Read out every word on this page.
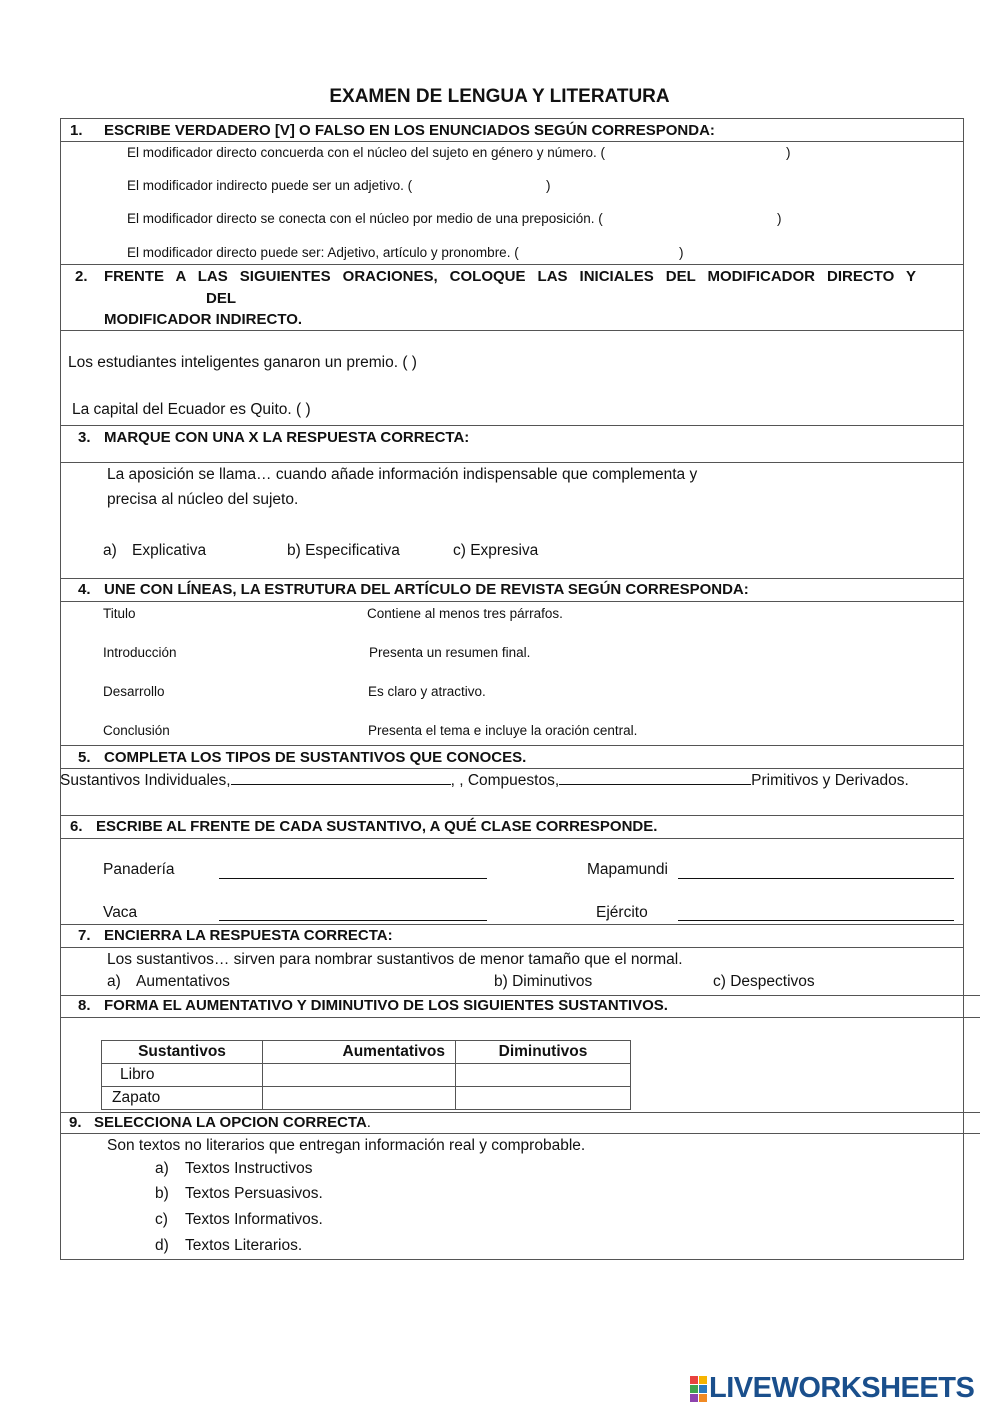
EXAMEN DE LENGUA Y LITERATURA
1. ESCRIBE VERDADERO [V] O FALSO EN LOS ENUNCIADOS SEGÚN CORRESPONDA:
El modificador directo concuerda con el núcleo del sujeto en género y número. (	)
El modificador indirecto puede ser un adjetivo. (	)
El modificador directo se conecta con el núcleo por medio de una preposición. (	)
El modificador directo puede ser: Adjetivo, artículo y pronombre. (	)
2. FRENTE A LAS SIGUIENTES ORACIONES, COLOQUE LAS INICIALES DEL MODIFICADOR DIRECTO Y
DEL
MODIFICADOR INDIRECTO.
Los estudiantes inteligentes ganaron un premio. ( )
La capital del Ecuador es Quito. ( )
3. MARQUE CON UNA X LA RESPUESTA CORRECTA:
La aposición se llama… cuando añade información indispensable que complementa y
precisa al núcleo del sujeto.
a) Explicativa	b) Especificativa	c) Expresiva
4. UNE CON LÍNEAS, LA ESTRUTURA DEL ARTÍCULO DE REVISTA SEGÚN CORRESPONDA:
Titulo	Contiene al menos tres párrafos.
Introducción	Presenta un resumen final.
Desarrollo	Es claro y atractivo.
Conclusión	Presenta el tema e incluye la oración central.
5. COMPLETA LOS TIPOS DE SUSTANTIVOS QUE CONOCES.
Sustantivos Individuales,	, , Compuestos,	Primitivos y Derivados.
6. ESCRIBE AL FRENTE DE CADA SUSTANTIVO, A QUÉ CLASE CORRESPONDE.
Panadería	Mapamundi
Vaca	Ejército
7. ENCIERRA LA RESPUESTA CORRECTA:
Los sustantivos… sirven para nombrar sustantivos de menor tamaño que el normal.
a) Aumentativos	b) Diminutivos	c) Despectivos
8. FORMA EL AUMENTATIVO Y DIMINUTIVO DE LOS SIGUIENTES SUSTANTIVOS.
Sustantivos	Aumentativos	Diminutivos
Libro		
Zapato		
9. SELECCIONA LA OPCION CORRECTA.
Son textos no literarios que entregan información real y comprobable.
a) Textos Instructivos
b) Textos Persuasivos.
c) Textos Informativos.
d) Textos Literarios.
LIVEWORKSHEETS
